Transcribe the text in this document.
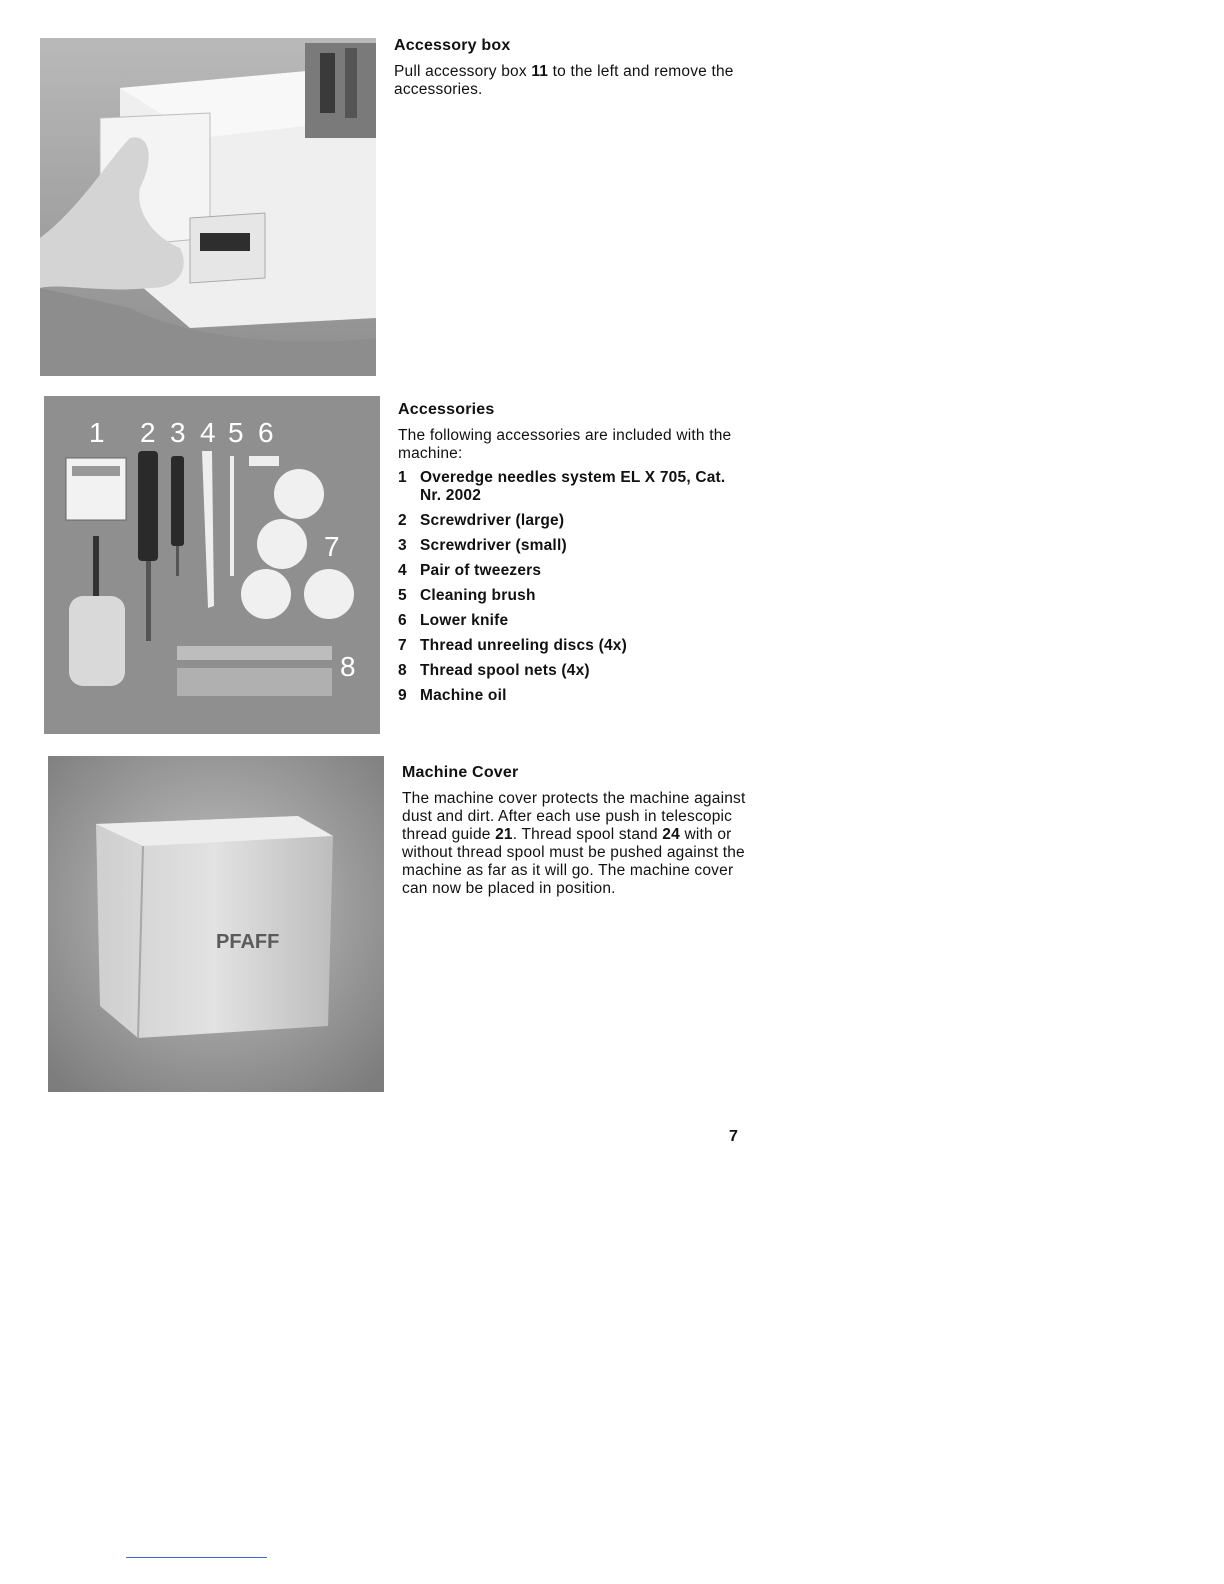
1 2 3 4 5 6
7
8
PFAFF
Accessory box

Pull accessory box 11 to the left and remove the accessories.

Accessories

The following accessories are included with the machine:

1 Overedge needles system EL X 705, Cat. Nr. 2002
2 Screwdriver (large)
3 Screwdriver (small)
4 Pair of tweezers
5 Cleaning brush
6 Lower knife
7 Thread unreeling discs (4x)
8 Thread spool nets (4x)
9 Machine oil
Machine Cover

The machine cover protects the machine against dust and dirt. After each use push in telescopic thread guide 21. Thread spool stand 24 with or without thread spool must be pushed against the machine as far as it will go. The machine cover can now be placed in position.

7
